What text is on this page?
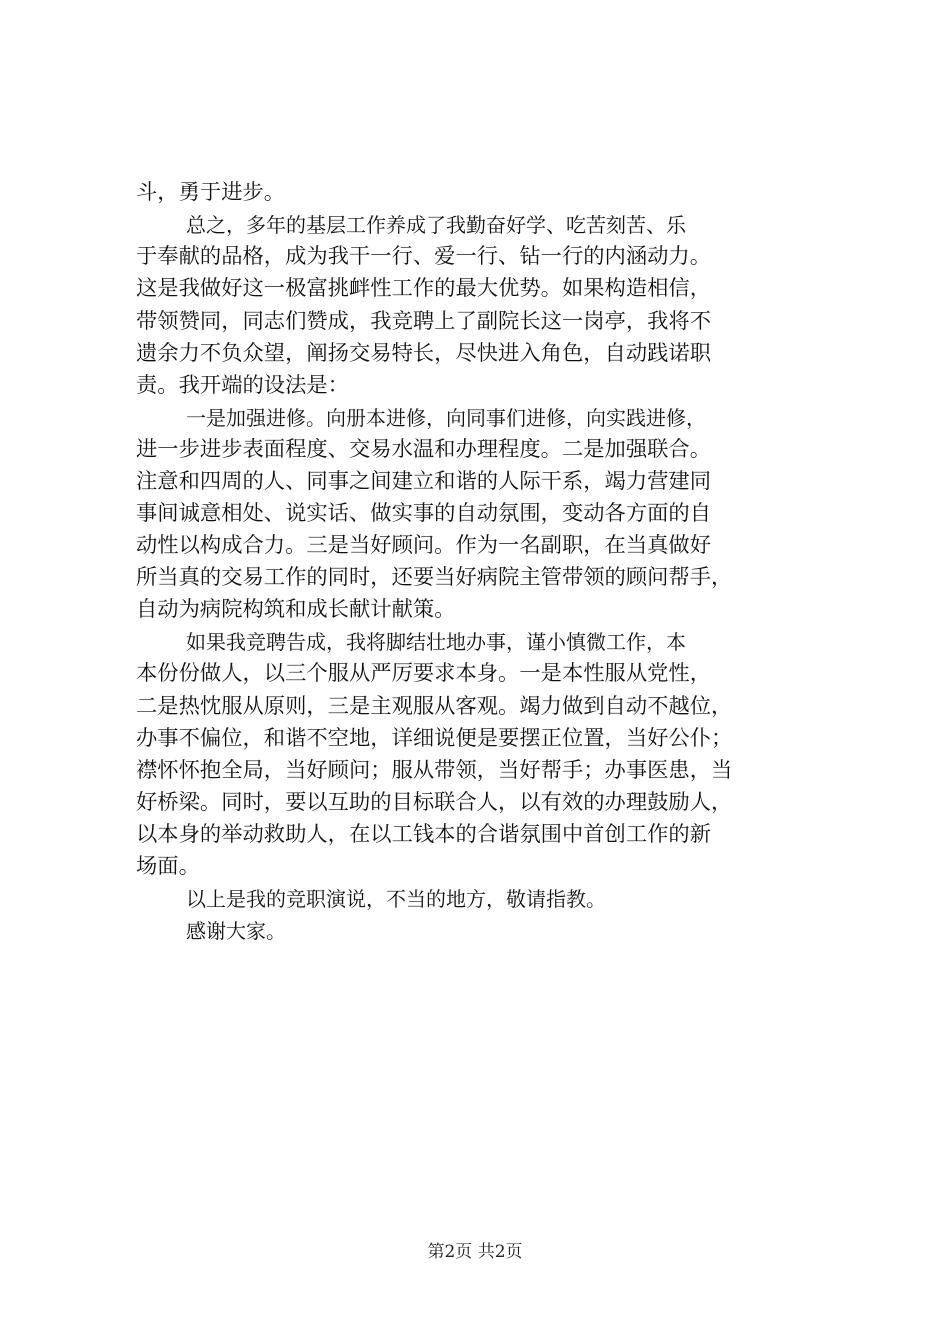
斗，勇于进步。
总之，多年的基层工作养成了我勤奋好学、吃苦刻苦、乐
于奉献的品格，成为我干一行、爱一行、钻一行的内涵动力。
这是我做好这一极富挑衅性工作的最大优势。如果构造相信，
带领赞同，同志们赞成，我竞聘上了副院长这一岗亭，我将不
遗余力不负众望，阐扬交易特长，尽快进入角色，自动践诺职
责。我开端的设法是：
一是加强进修。向册本进修，向同事们进修，向实践进修，
进一步进步表面程度、交易水温和办理程度。二是加强联合。
注意和四周的人、同事之间建立和谐的人际干系，竭力营建同
事间诚意相处、说实话、做实事的自动氛围，变动各方面的自
动性以构成合力。三是当好顾问。作为一名副职，在当真做好
所当真的交易工作的同时，还要当好病院主管带领的顾问帮手，
自动为病院构筑和成长献计献策。
如果我竞聘告成，我将脚结壮地办事，谨小慎微工作，本
本份份做人，以三个服从严厉要求本身。一是本性服从党性，
二是热忱服从原则，三是主观服从客观。竭力做到自动不越位，
办事不偏位，和谐不空地，详细说便是要摆正位置，当好公仆；
襟怀怀抱全局，当好顾问；服从带领，当好帮手；办事医患，当
好桥梁。同时，要以互助的目标联合人，以有效的办理鼓励人，
以本身的举动救助人，在以工钱本的合谐氛围中首创工作的新
场面。
以上是我的竞职演说，不当的地方，敬请指教。
感谢大家。
第2页 共2页
